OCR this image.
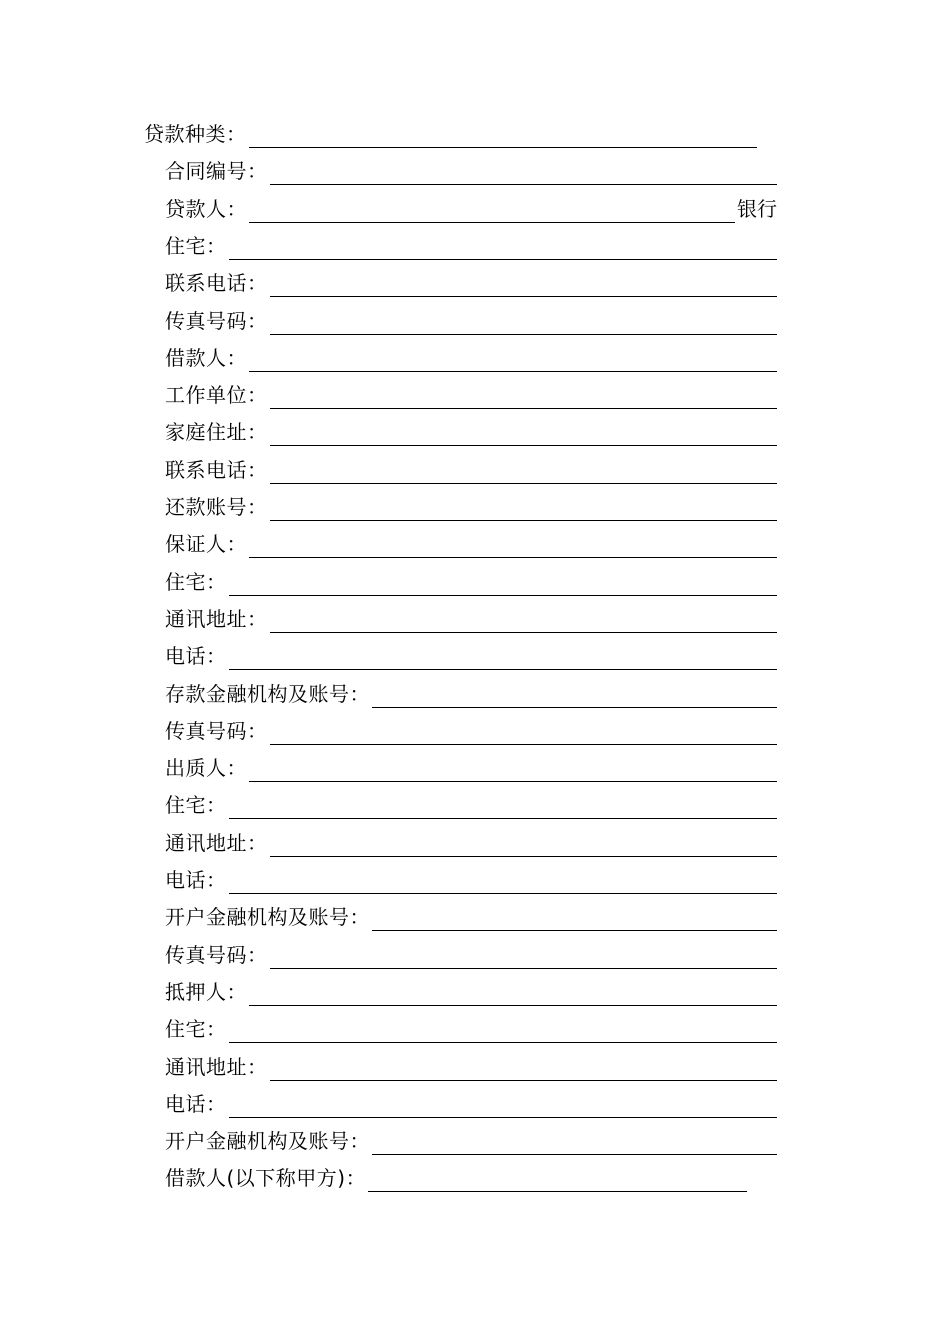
贷款种类：
合同编号：
贷款人：	银行
住宅：
联系电话：
传真号码：
借款人：
工作单位：
家庭住址：
联系电话：
还款账号：
保证人：
住宅：
通讯地址：
电话：
存款金融机构及账号：
传真号码：
出质人：
住宅：
通讯地址：
电话：
开户金融机构及账号：
传真号码：
抵押人：
住宅：
通讯地址：
电话：
开户金融机构及账号：
借款人(以下称甲方)：
